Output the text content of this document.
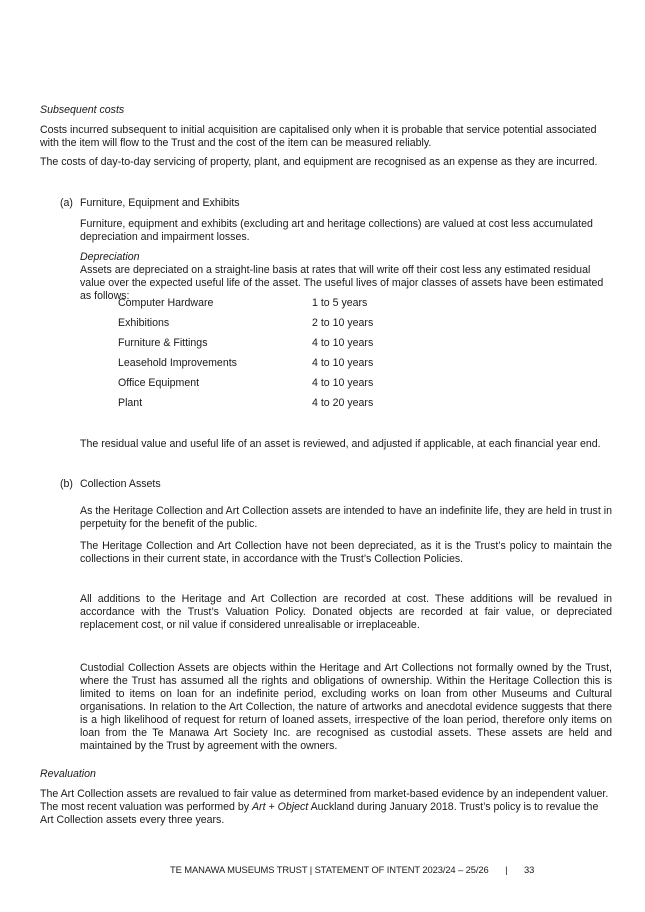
Subsequent costs

Costs incurred subsequent to initial acquisition are capitalised only when it is probable that service potential associated with the item will flow to the Trust and the cost of the item can be measured reliably.

The costs of day-to-day servicing of property, plant, and equipment are recognised as an expense as they are incurred.

(a) Furniture, Equipment and Exhibits

Furniture, equipment and exhibits (excluding art and heritage collections) are valued at cost less accumulated depreciation and impairment losses.

Depreciation

Assets are depreciated on a straight-line basis at rates that will write off their cost less any estimated residual value over the expected useful life of the asset. The useful lives of major classes of assets have been estimated as follows:

Computer Hardware	1 to 5 years
Exhibitions	2 to 10 years
Furniture & Fittings	4 to 10 years
Leasehold Improvements	4 to 10 years
Office Equipment	4 to 10 years
Plant	4 to 20 years

The residual value and useful life of an asset is reviewed, and adjusted if applicable, at each financial year end.

(b) Collection Assets

As the Heritage Collection and Art Collection assets are intended to have an indefinite life, they are held in trust in perpetuity for the benefit of the public.

The Heritage Collection and Art Collection have not been depreciated, as it is the Trust’s policy to maintain the collections in their current state, in accordance with the Trust’s Collection Policies.

All additions to the Heritage and Art Collection are recorded at cost. These additions will be revalued in accordance with the Trust’s Valuation Policy. Donated objects are recorded at fair value, or depreciated replacement cost, or nil value if considered unrealisable or irreplaceable.

Custodial Collection Assets are objects within the Heritage and Art Collections not formally owned by the Trust, where the Trust has assumed all the rights and obligations of ownership. Within the Heritage Collection this is limited to items on loan for an indefinite period, excluding works on loan from other Museums and Cultural organisations. In relation to the Art Collection, the nature of artworks and anecdotal evidence suggests that there is a high likelihood of request for return of loaned assets, irrespective of the loan period, therefore only items on loan from the Te Manawa Art Society Inc. are recognised as custodial assets. These assets are held and maintained by the Trust by agreement with the owners.

Revaluation

The Art Collection assets are revalued to fair value as determined from market-based evidence by an independent valuer. The most recent valuation was performed by Art + Object Auckland during January 2018. Trust’s policy is to revalue the Art Collection assets every three years.

TE MANAWA MUSEUMS TRUST | STATEMENT OF INTENT 2023/24 – 25/26 | 33
